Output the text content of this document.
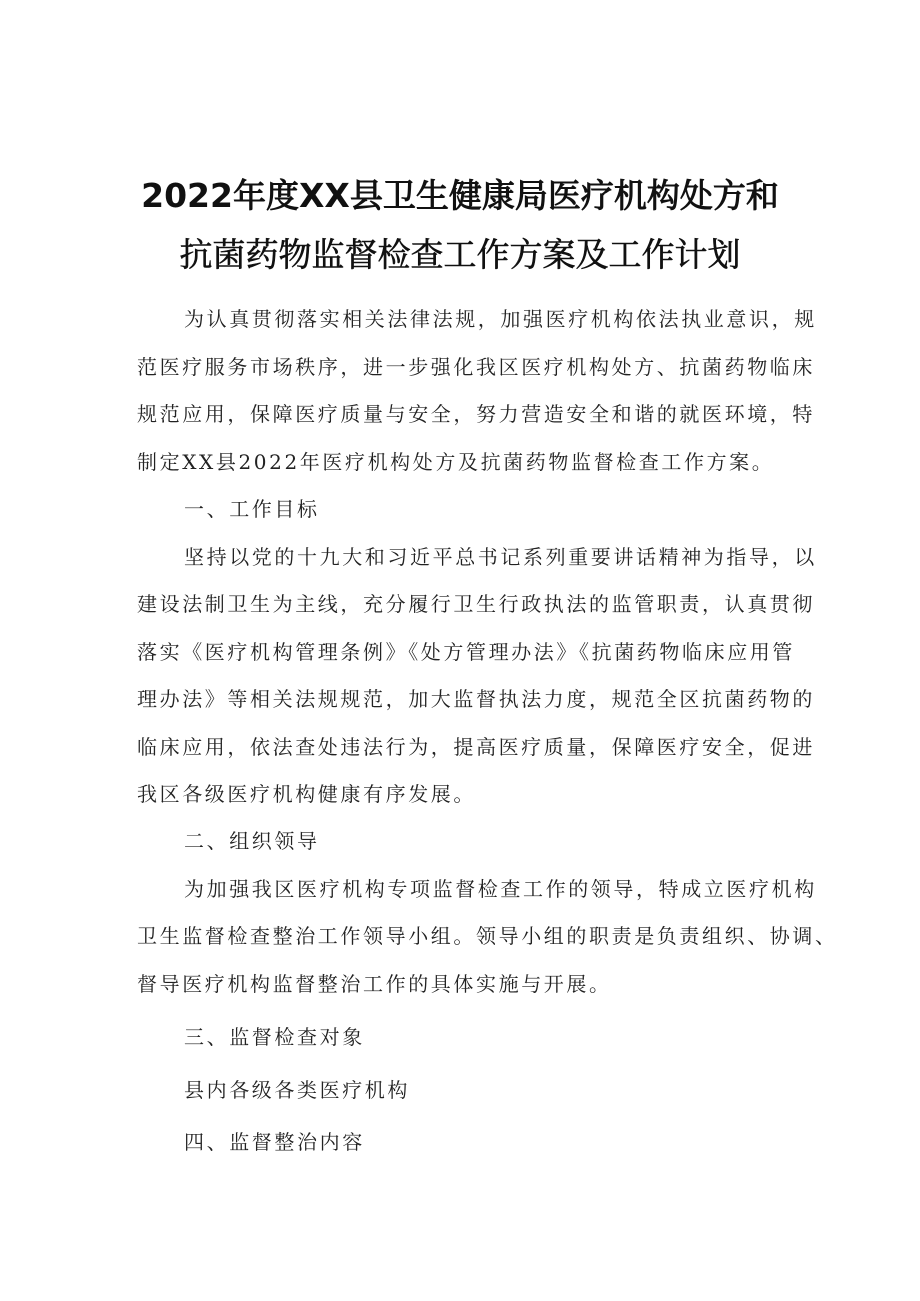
2022年度XX县卫生健康局医疗机构处方和
抗菌药物监督检查工作方案及工作计划
为认真贯彻落实相关法律法规，加强医疗机构依法执业意识，规
范医疗服务市场秩序，进一步强化我区医疗机构处方、抗菌药物临床
规范应用，保障医疗质量与安全，努力营造安全和谐的就医环境，特
制定XX县2022年医疗机构处方及抗菌药物监督检查工作方案。
一、工作目标
坚持以党的十九大和习近平总书记系列重要讲话精神为指导，以
建设法制卫生为主线，充分履行卫生行政执法的监管职责，认真贯彻
落实《医疗机构管理条例》《处方管理办法》《抗菌药物临床应用管
理办法》等相关法规规范，加大监督执法力度，规范全区抗菌药物的
临床应用，依法查处违法行为，提高医疗质量，保障医疗安全，促进
我区各级医疗机构健康有序发展。
二、组织领导
为加强我区医疗机构专项监督检查工作的领导，特成立医疗机构
卫生监督检查整治工作领导小组。领导小组的职责是负责组织、协调、
督导医疗机构监督整治工作的具体实施与开展。
三、监督检查对象
县内各级各类医疗机构
四、监督整治内容
